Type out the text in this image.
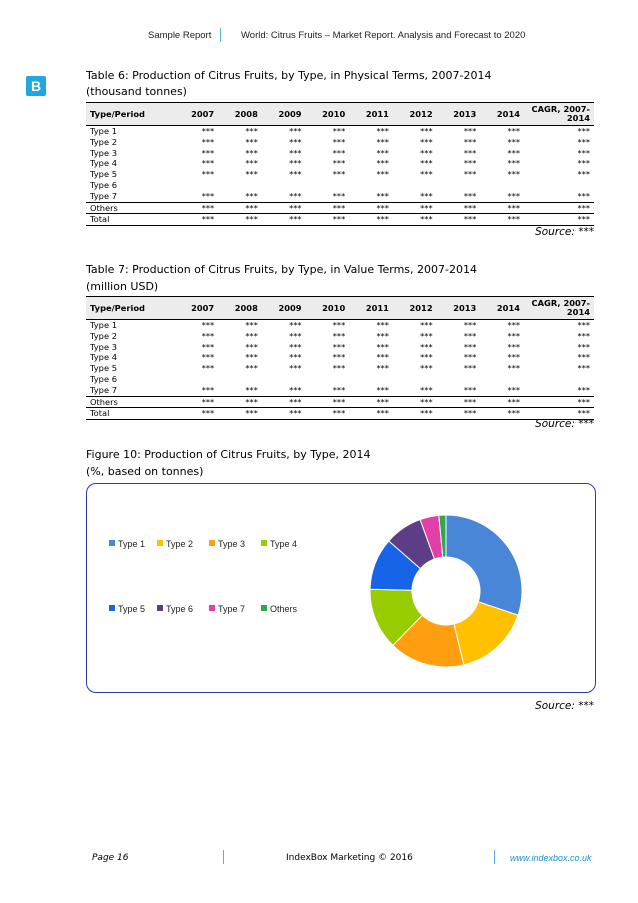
Sample Report	World: Citrus Fruits – Market Report. Analysis and Forecast to 2020
B
Table 6: Production of Citrus Fruits, by Type, in Physical Terms, 2007-2014
(thousand tonnes)
Type/Period	2007	2008	2009	2010	2011	2012	2013	2014	CAGR, 2007-2014
Type 1	***	***	***	***	***	***	***	***	***
Type 2	***	***	***	***	***	***	***	***	***
Type 3	***	***	***	***	***	***	***	***	***
Type 4	***	***	***	***	***	***	***	***	***
Type 5	***	***	***	***	***	***	***	***	***
Type 6									
Type 7	***	***	***	***	***	***	***	***	***
Others	***	***	***	***	***	***	***	***	***
Total	***	***	***	***	***	***	***	***	***
Source: ***
Table 7: Production of Citrus Fruits, by Type, in Value Terms, 2007-2014
(million USD)
Type/Period	2007	2008	2009	2010	2011	2012	2013	2014	CAGR, 2007-2014
Type 1	***	***	***	***	***	***	***	***	***
Type 2	***	***	***	***	***	***	***	***	***
Type 3	***	***	***	***	***	***	***	***	***
Type 4	***	***	***	***	***	***	***	***	***
Type 5	***	***	***	***	***	***	***	***	***
Type 6									
Type 7	***	***	***	***	***	***	***	***	***
Others	***	***	***	***	***	***	***	***	***
Total	***	***	***	***	***	***	***	***	***
Source: ***
Figure 10: Production of Citrus Fruits, by Type, 2014
(%, based on tonnes)
Type 1	Type 2	Type 3	Type 4
Type 5	Type 6	Type 7	Others
Source: ***
Page 16	IndexBox Marketing © 2016	www.indexbox.co.uk
